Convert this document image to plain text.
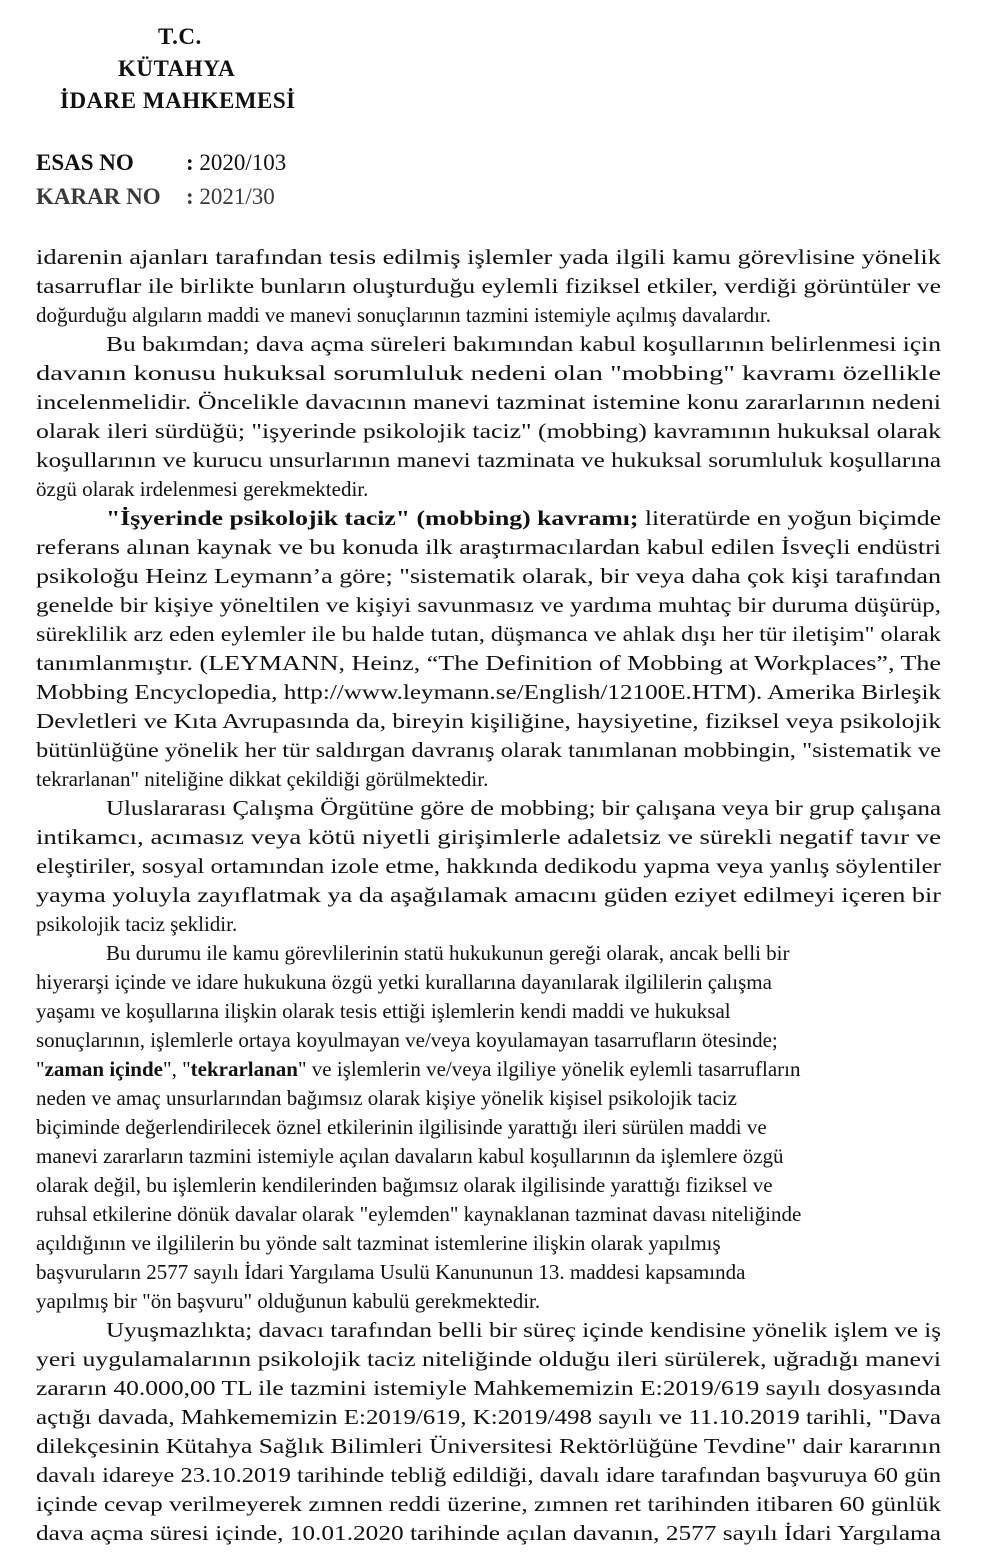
T.C.
KÜTAHYA
İDARE MAHKEMESİ
ESAS NO : 2020/103
KARAR NO : 2021/30
idarenin ajanları tarafından tesis edilmiş işlemler yada ilgili kamu görevlisine yönelik
tasarruflar ile birlikte bunların oluşturduğu eylemli fiziksel etkiler, verdiği görüntüler ve
doğurduğu algıların maddi ve manevi sonuçlarının tazmini istemiyle açılmış davalardır.
Bu bakımdan; dava açma süreleri bakımından kabul koşullarının belirlenmesi için
davanın konusu hukuksal sorumluluk nedeni olan "mobbing" kavramı özellikle
incelenmelidir. Öncelikle davacının manevi tazminat istemine konu zararlarının nedeni
olarak ileri sürdüğü; "işyerinde psikolojik taciz" (mobbing) kavramının hukuksal olarak
koşullarının ve kurucu unsurlarının manevi tazminata ve hukuksal sorumluluk koşullarına
özgü olarak irdelenmesi gerekmektedir.
"İşyerinde psikolojik taciz" (mobbing) kavramı; literatürde en yoğun biçimde
referans alınan kaynak ve bu konuda ilk araştırmacılardan kabul edilen İsveçli endüstri
psikoloğu Heinz Leymann’a göre; "sistematik olarak, bir veya daha çok kişi tarafından
genelde bir kişiye yöneltilen ve kişiyi savunmasız ve yardıma muhtaç bir duruma düşürüp,
süreklilik arz eden eylemler ile bu halde tutan, düşmanca ve ahlak dışı her tür iletişim" olarak
tanımlanmıştır. (LEYMANN, Heinz, “The Definition of Mobbing at Workplaces”, The
Mobbing Encyclopedia, http://www.leymann.se/English/12100E.HTM). Amerika Birleşik
Devletleri ve Kıta Avrupasında da, bireyin kişiliğine, haysiyetine, fiziksel veya psikolojik
bütünlüğüne yönelik her tür saldırgan davranış olarak tanımlanan mobbingin, "sistematik ve
tekrarlanan" niteliğine dikkat çekildiği görülmektedir.
Uluslararası Çalışma Örgütüne göre de mobbing; bir çalışana veya bir grup çalışana
intikamcı, acımasız veya kötü niyetli girişimlerle adaletsiz ve sürekli negatif tavır ve
eleştiriler, sosyal ortamından izole etme, hakkında dedikodu yapma veya yanlış söylentiler
yayma yoluyla zayıflatmak ya da aşağılamak amacını güden eziyet edilmeyi içeren bir
psikolojik taciz şeklidir.
Bu durumu ile kamu görevlilerinin statü hukukunun gereği olarak, ancak belli bir
hiyerarşi içinde ve idare hukukuna özgü yetki kurallarına dayanılarak ilgililerin çalışma
yaşamı ve koşullarına ilişkin olarak tesis ettiği işlemlerin kendi maddi ve hukuksal
sonuçlarının, işlemlerle ortaya koyulmayan ve/veya koyulamayan tasarrufların ötesinde;
"zaman içinde", "tekrarlanan" ve işlemlerin ve/veya ilgiliye yönelik eylemli tasarrufların
neden ve amaç unsurlarından bağımsız olarak kişiye yönelik kişisel psikolojik taciz
biçiminde değerlendirilecek öznel etkilerinin ilgilisinde yarattığı ileri sürülen maddi ve
manevi zararların tazmini istemiyle açılan davaların kabul koşullarının da işlemlere özgü
olarak değil, bu işlemlerin kendilerinden bağımsız olarak ilgilisinde yarattığı fiziksel ve
ruhsal etkilerine dönük davalar olarak "eylemden" kaynaklanan tazminat davası niteliğinde
açıldığının ve ilgililerin bu yönde salt tazminat istemlerine ilişkin olarak yapılmış
başvuruların 2577 sayılı İdari Yargılama Usulü Kanununun 13. maddesi kapsamında
yapılmış bir "ön başvuru" olduğunun kabulü gerekmektedir.
Uyuşmazlıkta; davacı tarafından belli bir süreç içinde kendisine yönelik işlem ve iş
yeri uygulamalarının psikolojik taciz niteliğinde olduğu ileri sürülerek, uğradığı manevi
zararın 40.000,00 TL ile tazmini istemiyle Mahkememizin E:2019/619 sayılı dosyasında
açtığı davada, Mahkememizin E:2019/619, K:2019/498 sayılı ve 11.10.2019 tarihli, "Dava
dilekçesinin Kütahya Sağlık Bilimleri Üniversitesi Rektörlüğüne Tevdine" dair kararının
davalı idareye 23.10.2019 tarihinde tebliğ edildiği, davalı idare tarafından başvuruya 60 gün
içinde cevap verilmeyerek zımnen reddi üzerine, zımnen ret tarihinden itibaren 60 günlük
dava açma süresi içinde, 10.01.2020 tarihinde açılan davanın, 2577 sayılı İdari Yargılama
